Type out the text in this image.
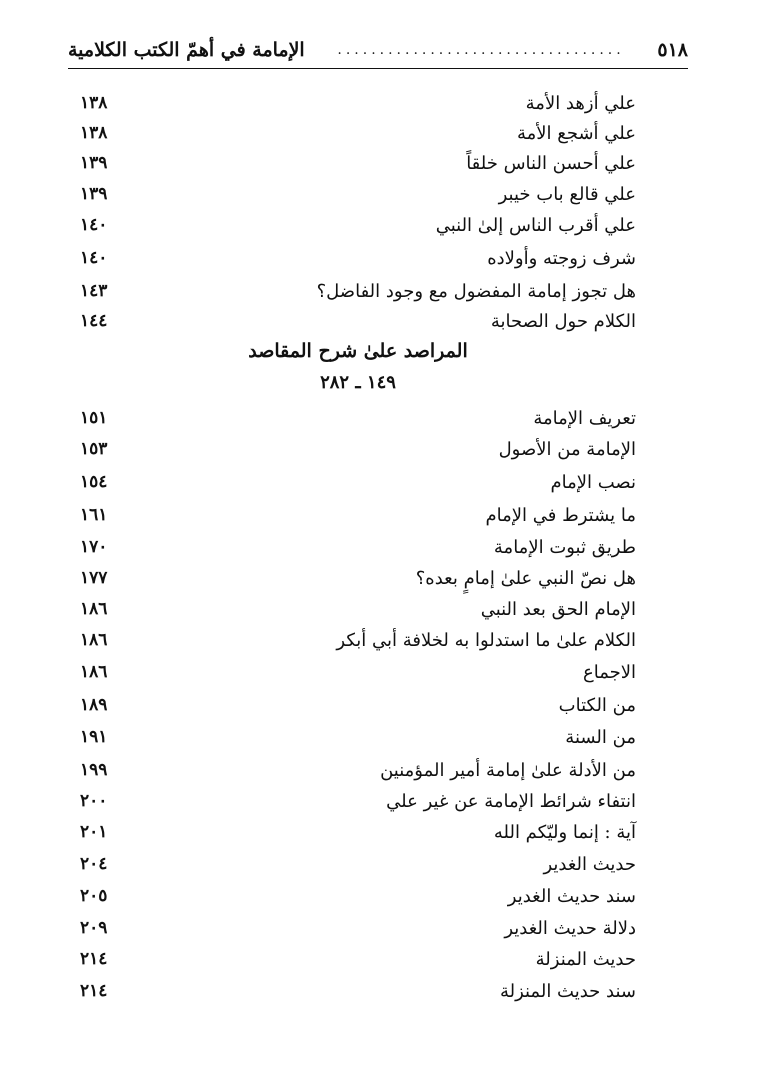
٥١٨
..................................
الإمامة في أهمّ الكتب الكلامية
علي أزهد الأمة
١٣٨
علي أشجع الأمة
١٣٨
علي أحسن الناس خلقاً
١٣٩
علي قالع باب خيبر
١٣٩
علي أقرب الناس إلىٰ النبي
١٤٠
شرف زوجته وأولاده
١٤٠
هل تجوز إمامة المفضول مع وجود الفاضل؟
١٤٣
الكلام حول الصحابة
١٤٤
المراصد علىٰ شرح المقاصد
١٤٩ ـ ٢٨٢
تعريف الإمامة
١٥١
الإمامة من الأصول
١٥٣
نصب الإمام
١٥٤
ما يشترط في الإمام
١٦١
طريق ثبوت الإمامة
١٧٠
هل نصّ النبي علىٰ إمامٍ بعده؟
١٧٧
الإمام الحق بعد النبي
١٨٦
الكلام علىٰ ما استدلوا به لخلافة أبي أبكر
١٨٦
الاجماع
١٨٦
من الكتاب
١٨٩
من السنة
١٩١
من الأدلة علىٰ إمامة أمير المؤمنين
١٩٩
انتفاء شرائط الإمامة عن غير علي
٢٠٠
آية : إنما وليّكم الله
٢٠١
حديث الغدير
٢٠٤
سند حديث الغدير
٢٠٥
دلالة حديث الغدير
٢٠٩
حديث المنزلة
٢١٤
سند حديث المنزلة
٢١٤
